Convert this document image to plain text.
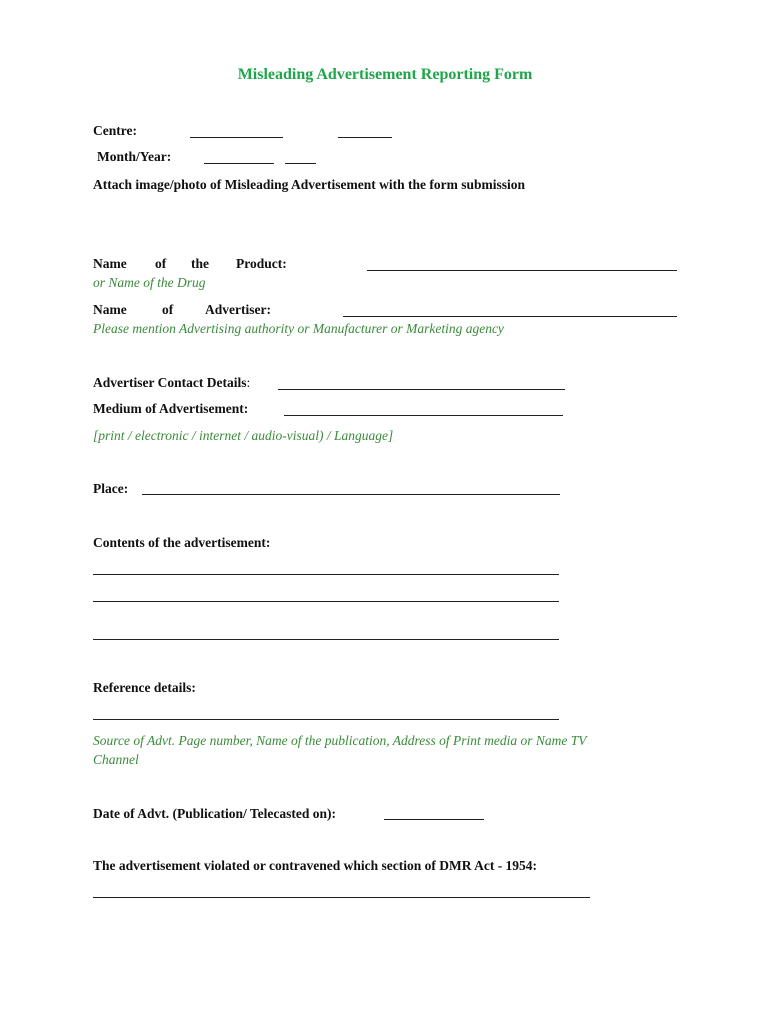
Misleading Advertisement Reporting Form
Centre:
Month/Year:
Attach image/photo of Misleading Advertisement with the form submission
Name of the Product:
or Name of the Drug
Name	of Advertiser:
Please mention Advertising authority or Manufacturer or Marketing agency
Advertiser Contact Details:
Medium of Advertisement:
[print / electronic / internet / audio-visual) / Language]
Place:
Contents of the advertisement:
Reference details:
Source of Advt. Page number, Name of the publication, Address of Print media or Name TV
Channel
Date of Advt. (Publication/ Telecasted on):
The advertisement violated or contravened which section of DMR Act - 1954:
